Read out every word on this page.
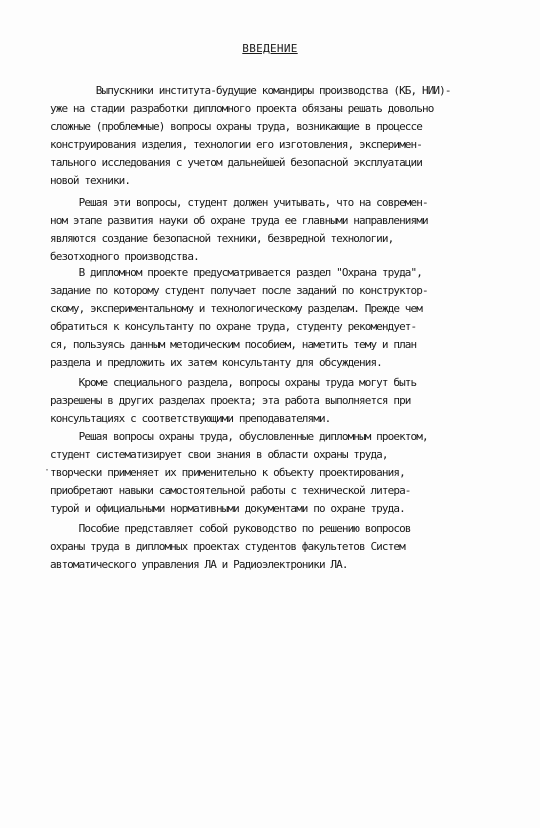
ВВЕДЕНИЕ
Выпускники института-будущие командиры производства (КБ, НИИ)-
уже на стадии разработки дипломного проекта обязаны решать довольно
сложные (проблемные) вопросы охраны труда, возникающие в процессе
конструирования изделия, технологии его изготовления, эксперимен-
тального исследования с учетом дальнейшей безопасной эксплуатации
новой техники.
Решая эти вопросы, студент должен учитывать, что на современ-
ном этапе развития науки об охране труда ее главными направлениями
являются создание безопасной техники, безвредной технологии,
безотходного производства.
В дипломном проекте предусматривается раздел "Охрана труда",
задание по которому студент получает после заданий по конструктор-
скому, экспериментальному и технологическому разделам. Прежде чем
обратиться к консультанту по охране труда, студенту рекомендует-
ся, пользуясь данным методическим пособием, наметить тему и план
раздела и предложить их затем консультанту для обсуждения.
Кроме специального раздела, вопросы охраны труда могут быть
разрешены в других разделах проекта; эта работа выполняется при
консультациях с соответствующими преподавателями.
Решая вопросы охраны труда, обусловленные дипломным проектом,
студент систематизирует свои знания в области охраны труда,
творчески применяет их применительно к объекту проектирования,
приобретают навыки самостоятельной работы с технической литера-
турой и официальными нормативными документами по охране труда.
Пособие представляет собой руководство по решению вопросов
охраны труда в дипломных проектах студентов факультетов Систем
автоматического управления ЛА и Радиоэлектроники ЛА.
·
